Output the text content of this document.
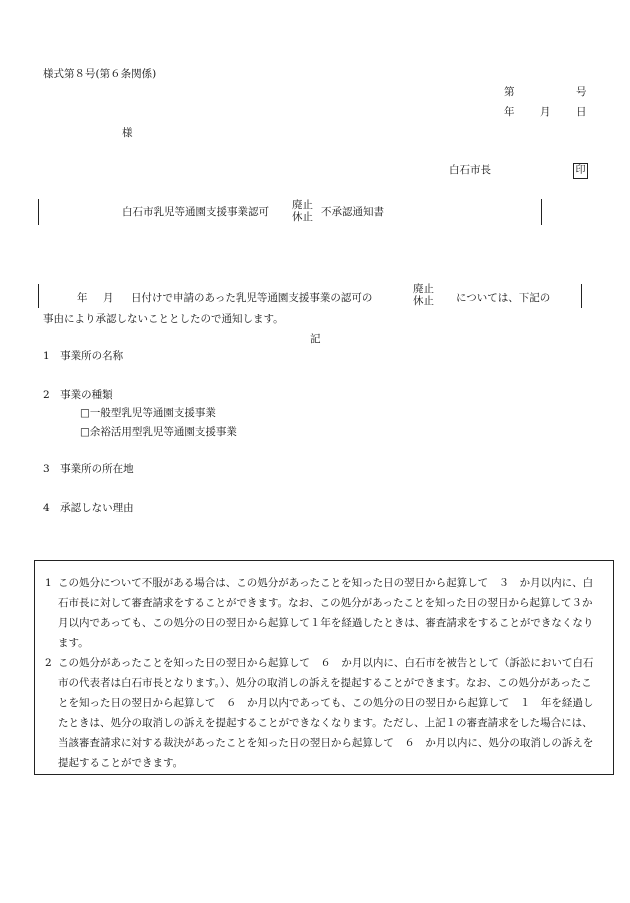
様式第８号(第６条関係)
第	号
年 月 日
様
白石市長	印
白石市乳児等通園支援事業認可
廃止
休止 不承認通知書
年 月 日付けで申請のあった乳児等通園支援事業の認可の
廃止
休止 については、下記の
事由により承認しないこととしたので通知します。
記
1　事業所の名称
2　事業の種類
□一般型乳児等通園支援事業
□余裕活用型乳児等通園支援事業
3　事業所の所在地
4　承認しない理由
1 この処分について不服がある場合は、この処分があったことを知った日の翌日から起算して　３　か月以内に、白石市長に対して審査請求をすることができます。なお、この処分があったことを知った日の翌日から起算して３か月以内であっても、この処分の日の翌日から起算して１年を経過したときは、審査請求をすることができなくなります。
2 この処分があったことを知った日の翌日から起算して　６　か月以内に、白石市を被告として（訴訟において白石市の代表者は白石市長となります。）、処分の取消しの訴えを提起することができます。なお、この処分があったことを知った日の翌日から起算して　６　か月以内であっても、この処分の日の翌日から起算して　１　年を経過したときは、処分の取消しの訴えを提起することができなくなります。ただし、上記１の審査請求をした場合には、当該審査請求に対する裁決があったことを知った日の翌日から起算して　６　か月以内に、処分の取消しの訴えを提起することができます。
